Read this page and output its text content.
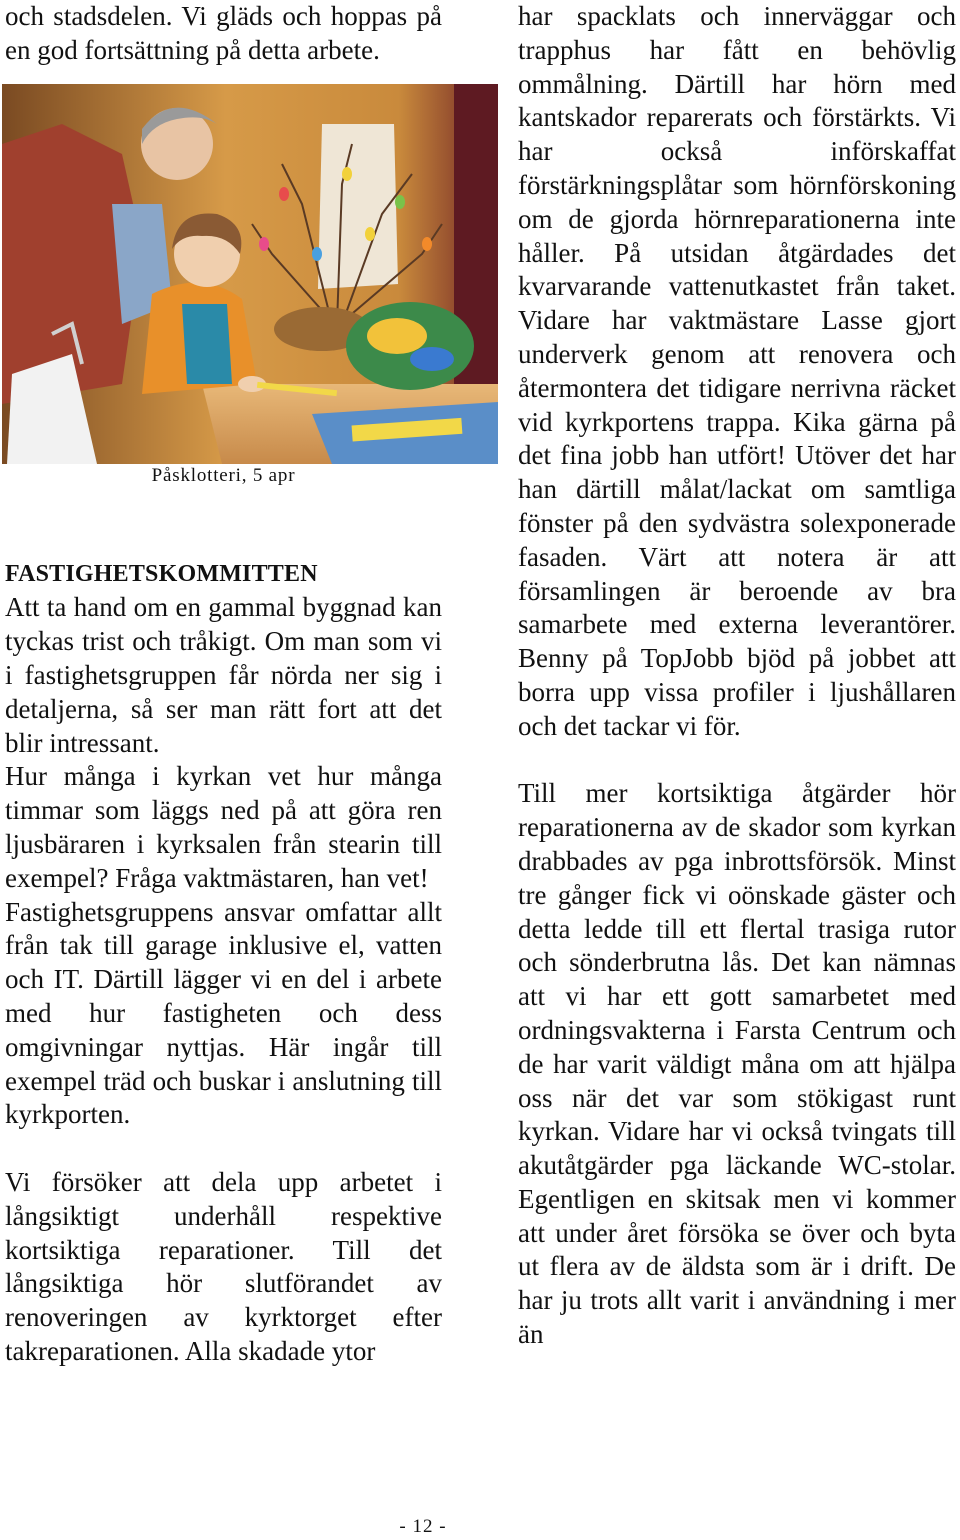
och stadsdelen. Vi gläds och hoppas på en god fortsättning på detta arbete.

Påsklotteri, 5 apr

FASTIGHETSKOMMITTEN

Att ta hand om en gammal byggnad kan tyckas trist och tråkigt. Om man som vi i fastighetsgruppen får nörda ner sig i detaljerna, så ser man rätt fort att det blir intressant.

Hur många i kyrkan vet hur många timmar som läggs ned på att göra ren ljusbäraren i kyrksalen från stearin till exempel? Fråga vaktmästaren, han vet!

Fastighetsgruppens ansvar omfattar allt från tak till garage inklusive el, vatten och IT. Därtill lägger vi en del i arbete med hur fastigheten och dess omgivningar nyttjas. Här ingår till exempel träd och buskar i anslutning till kyrkporten.

Vi försöker att dela upp arbetet i långsiktigt underhåll respektive kortsiktiga reparationer. Till det långsiktiga hör slutförandet av renoveringen av kyrktorget efter takreparationen. Alla skadade ytor

har spacklats och innerväggar och trapphus har fått en behövlig ommålning. Därtill har hörn med kantskador reparerats och förstärkts. Vi har också införskaffat förstärkningsplåtar som hörnförskoning om de gjorda hörnreparationerna inte håller. På utsidan åtgärdades det kvarvarande vattenutkastet från taket. Vidare har vaktmästare Lasse gjort underverk genom att renovera och återmontera det tidigare nerrivna räcket vid kyrkportens trappa. Kika gärna på det fina jobb han utfört! Utöver det har han därtill målat/lackat om samtliga fönster på den sydvästra solexponerade fasaden. Värt att notera är att församlingen är beroende av bra samarbete med externa leverantörer. Benny på TopJobb bjöd på jobbet att borra upp vissa profiler i ljushållaren och det tackar vi för.

Till mer kortsiktiga åtgärder hör reparationerna av de skador som kyrkan drabbades av pga inbrottsförsök. Minst tre gånger fick vi oönskade gäster och detta ledde till ett flertal trasiga rutor och sönderbrutna lås. Det kan nämnas att vi har ett gott samarbetet med ordningsvakterna i Farsta Centrum och de har varit väldigt måna om att hjälpa oss när det var som stökigast runt kyrkan. Vidare har vi också tvingats till akutåtgärder pga läckande WC-stolar. Egentligen en skitsak men vi kommer att under året försöka se över och byta ut flera av de äldsta som är i drift. De har ju trots allt varit i användning i mer än

- 12 -
